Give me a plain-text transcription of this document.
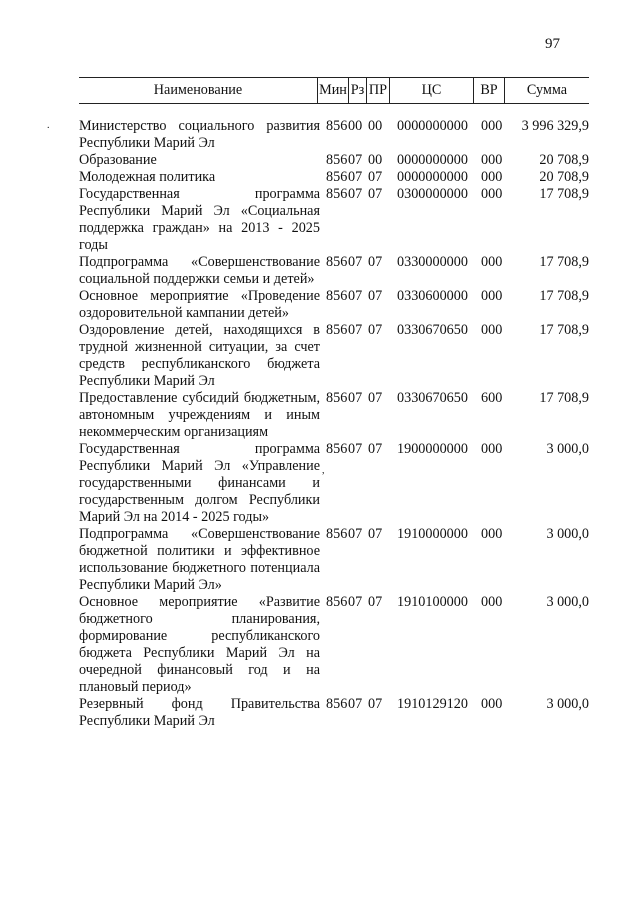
97
.
,
Наименование	Мин Рз ПР	ЦС	ВР	Сумма
Министерство социального развития Республики Марий Эл
856 00 00 0000000000 000 3 996 329,9
Образование	856 07 00 0000000000 000	20 708,9
Молодежная политика	856 07 07 0000000000 000	20 708,9
Государственная программа Республики Марий Эл «Социальная поддержка граждан» на 2013 - 2025 годы
856 07 07 0300000000 000	17 708,9
Подпрограмма «Совершенствование социальной поддержки семьи и детей»
856 07 07 0330000000 000	17 708,9
Основное мероприятие «Проведение оздоровительной кампании детей»
856 07 07 0330600000 000	17 708,9
Оздоровление детей, находящихся в трудной жизненной ситуации, за счет средств республиканского бюджета Республики Марий Эл
856 07 07 0330670650 000	17 708,9
Предоставление субсидий бюджетным, автономным учреждениям и иным некоммерческим организациям
856 07 07 0330670650 600	17 708,9
Государственная программа Республики Марий Эл «Управление государственными финансами и государственным долгом Республики Марий Эл на 2014 - 2025 годы»
856 07 07 1900000000 000	3 000,0
Подпрограмма «Совершенствование бюджетной политики и эффективное использование бюджетного потенциала Республики Марий Эл»
856 07 07 1910000000 000	3 000,0
Основное мероприятие «Развитие бюджетного планирования, формирование республиканского бюджета Республики Марий Эл на очередной финансовый год и на плановый период»
856 07 07 1910100000 000	3 000,0
Резервный фонд Правительства Республики Марий Эл
856 07 07 1910129120 000	3 000,0
